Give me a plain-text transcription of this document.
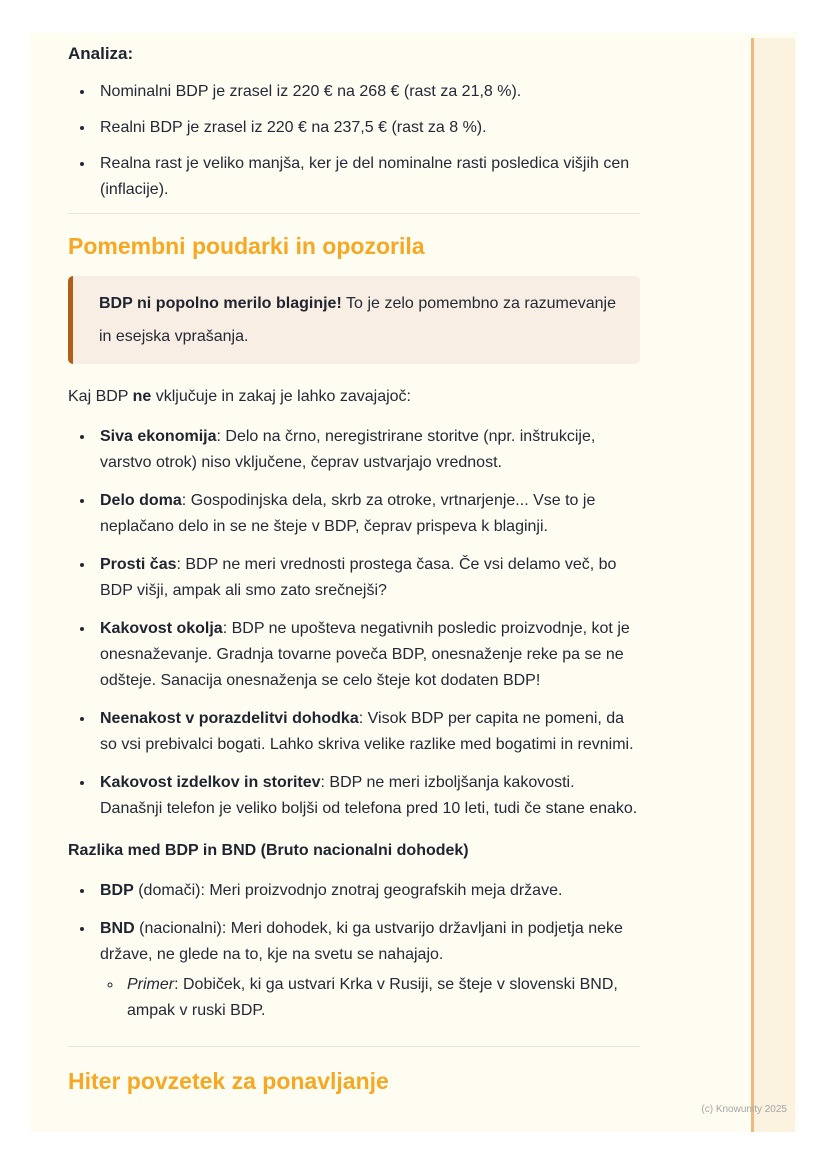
(c) Knowunity 2025
Analiza:
• Nominalni BDP je zrasel iz 220 € na 268 € (rast za 21,8 %).
• Realni BDP je zrasel iz 220 € na 237,5 € (rast za 8 %).
• Realna rast je veliko manjša, ker je del nominalne rasti posledica višjih cen (inflacije).
Pomembni poudarki in opozorila
BDP ni popolno merilo blaginje! To je zelo pomembno za razumevanje in esejska vprašanja.
Kaj BDP ne vključuje in zakaj je lahko zavajajoč:
• Siva ekonomija: Delo na črno, neregistrirane storitve (npr. inštrukcije, varstvo otrok) niso vključene, čeprav ustvarjajo vrednost.
• Delo doma: Gospodinjska dela, skrb za otroke, vrtnarjenje... Vse to je neplačano delo in se ne šteje v BDP, čeprav prispeva k blaginji.
• Prosti čas: BDP ne meri vrednosti prostega časa. Če vsi delamo več, bo BDP višji, ampak ali smo zato srečnejši?
• Kakovost okolja: BDP ne upošteva negativnih posledic proizvodnje, kot je onesnaževanje. Gradnja tovarne poveča BDP, onesnaženje reke pa se ne odšteje. Sanacija onesnaženja se celo šteje kot dodaten BDP!
• Neenakost v porazdelitvi dohodka: Visok BDP per capita ne pomeni, da so vsi prebivalci bogati. Lahko skriva velike razlike med bogatimi in revnimi.
• Kakovost izdelkov in storitev: BDP ne meri izboljšanja kakovosti. Današnji telefon je veliko boljši od telefona pred 10 leti, tudi če stane enako.
Razlika med BDP in BND (Bruto nacionalni dohodek)
• BDP (domači): Meri proizvodnjo znotraj geografskih meja države.
• BND (nacionalni): Meri dohodek, ki ga ustvarijo državljani in podjetja neke države, ne glede na to, kje na svetu se nahajajo.
◦ Primer: Dobiček, ki ga ustvari Krka v Rusiji, se šteje v slovenski BND, ampak v ruski BDP.
Hiter povzetek za ponavljanje
